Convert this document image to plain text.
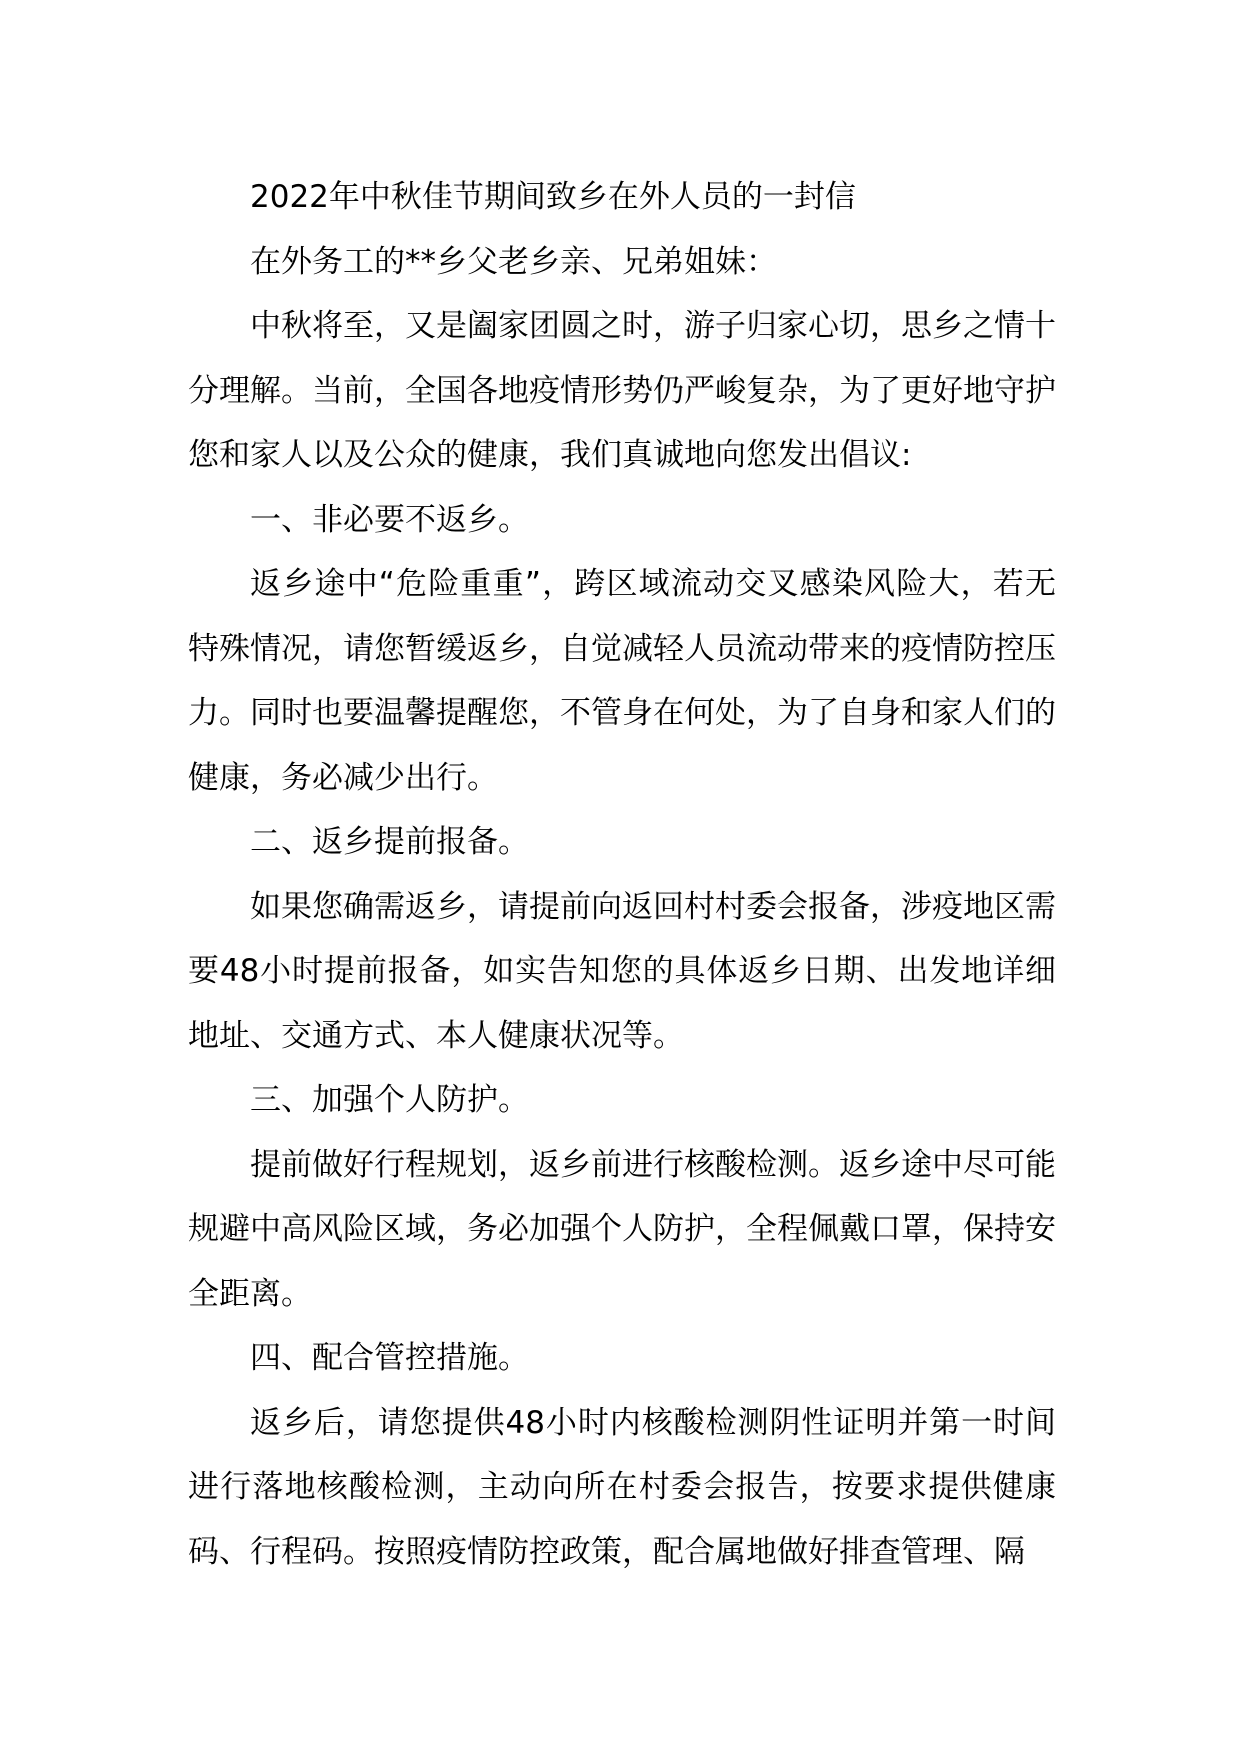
2022年中秋佳节期间致乡在外人员的一封信

在外务工的**乡父老乡亲、兄弟姐妹：

中秋将至，又是阖家团圆之时，游子归家心切，思乡之情十分理解。当前，全国各地疫情形势仍严峻复杂，为了更好地守护您和家人以及公众的健康，我们真诚地向您发出倡议:

一、非必要不返乡。

返乡途中“危险重重”，跨区域流动交叉感染风险大，若无特殊情况，请您暂缓返乡，自觉减轻人员流动带来的疫情防控压力。同时也要温馨提醒您，不管身在何处，为了自身和家人们的健康，务必减少出行。

二、返乡提前报备。

如果您确需返乡，请提前向返回村村委会报备，涉疫地区需要48小时提前报备，如实告知您的具体返乡日期、出发地详细地址、交通方式、本人健康状况等。

三、加强个人防护。

提前做好行程规划，返乡前进行核酸检测。返乡途中尽可能规避中高风险区域，务必加强个人防护，全程佩戴口罩，保持安全距离。

四、配合管控措施。

返乡后，请您提供48小时内核酸检测阴性证明并第一时间进行落地核酸检测，主动向所在村委会报告，按要求提供健康码、行程码。按照疫情防控政策，配合属地做好排查管理、隔
